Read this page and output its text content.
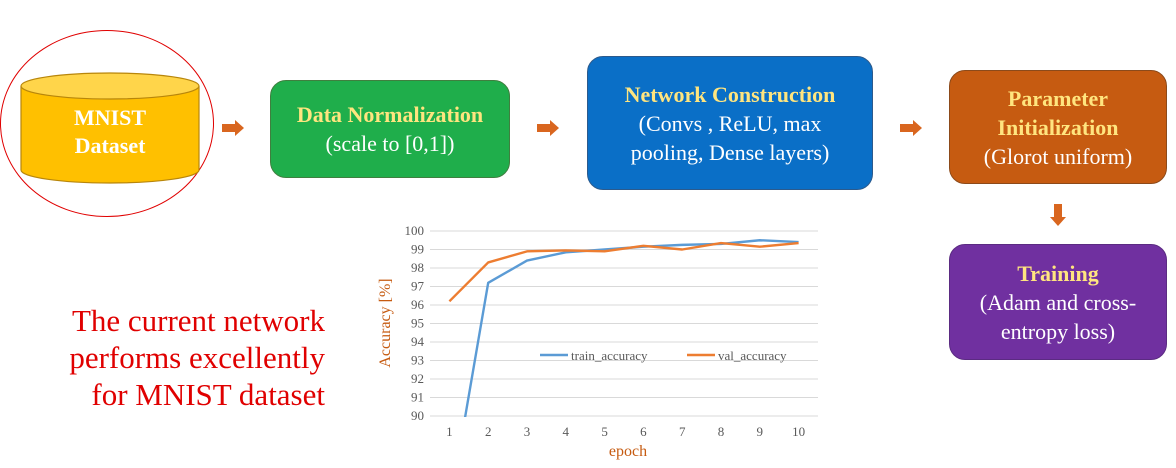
MNIST
Dataset
Data Normalization
(scale to [0,1])
Network Construction
(Convs , ReLU, max
pooling, Dense layers)
Parameter
Initialization
(Glorot uniform)
Training
(Adam and cross-
entropy loss)
The current network
performs excellently
for MNIST dataset
90
91
92
93
94
95
96
97
98
99
100
1 2 3 4 5 6 7 8 9 10
Accuracy [%]
epoch
train_accuracy	val_accuracy
